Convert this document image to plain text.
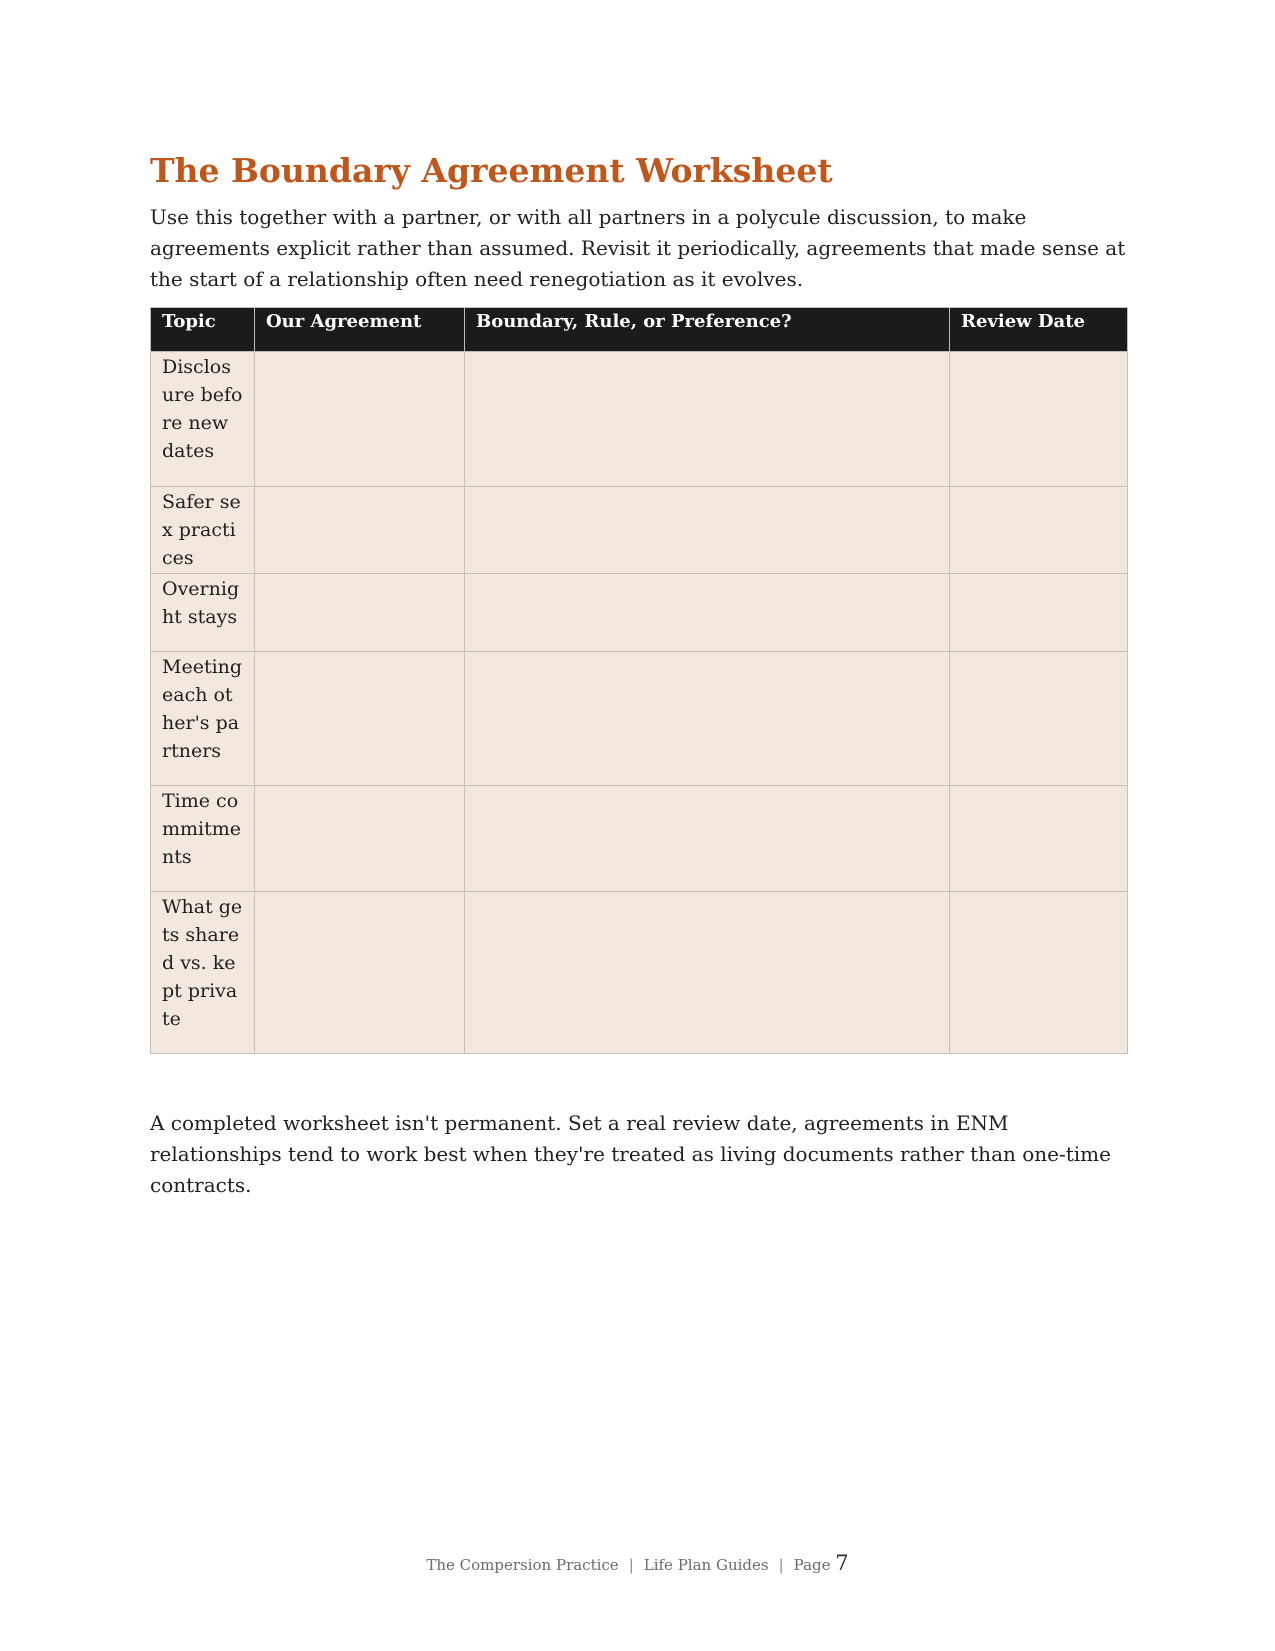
The Boundary Agreement Worksheet

Use this together with a partner, or with all partners in a polycule discussion, to make agreements explicit rather than assumed. Revisit it periodically, agreements that made sense at the start of a relationship often need renegotiation as it evolves.

Topic	Our Agreement	Boundary, Rule, or Preference?	Review Date
Disclosure before new dates			
Safer sex practices			
Overnight stays			
Meeting each other's partners			
Time commitments			
What gets shared vs. kept private			

A completed worksheet isn't permanent. Set a real review date, agreements in ENM relationships tend to work best when they're treated as living documents rather than one-time contracts.

The Compersion Practice | Life Plan Guides | Page 7
